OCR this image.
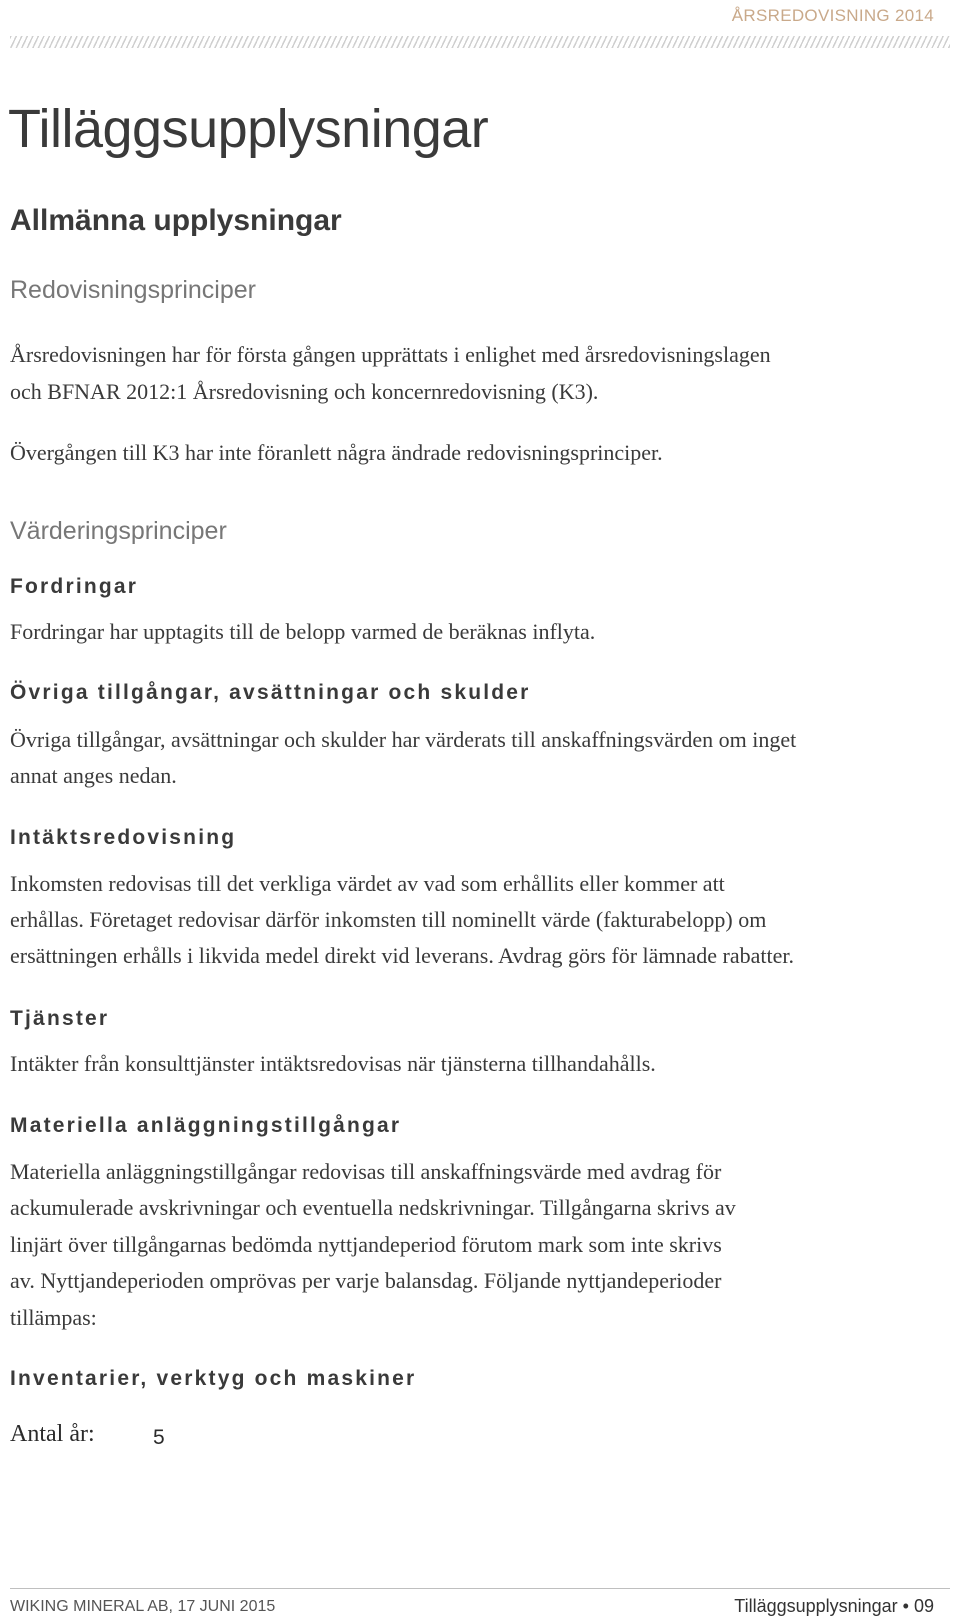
ÅRSREDOVISNING 2014
Tilläggsupplysningar
Allmänna upplysningar
Redovisningsprinciper
Årsredovisningen har för första gången upprättats i enlighet med årsredovisningslagen
och BFNAR 2012:1 Årsredovisning och koncernredovisning (K3).
Övergången till K3 har inte föranlett några ändrade redovisningsprinciper.
Värderingsprinciper
Fordringar
Fordringar har upptagits till de belopp varmed de beräknas inflyta.
Övriga tillgångar, avsättningar och skulder
Övriga tillgångar, avsättningar och skulder har värderats till anskaffningsvärden om inget
annat anges nedan.
Intäktsredovisning
Inkomsten redovisas till det verkliga värdet av vad som erhållits eller kommer att
erhållas. Företaget redovisar därför inkomsten till nominellt värde (fakturabelopp) om
ersättningen erhålls i likvida medel direkt vid leverans. Avdrag görs för lämnade rabatter.
Tjänster
Intäkter från konsulttjänster intäktsredovisas när tjänsterna tillhandahålls.
Materiella anläggningstillgångar
Materiella anläggningstillgångar redovisas till anskaffningsvärde med avdrag för
ackumulerade avskrivningar och eventuella nedskrivningar. Tillgångarna skrivs av
linjärt över tillgångarnas bedömda nyttjandeperiod förutom mark som inte skrivs
av. Nyttjandeperioden omprövas per varje balansdag. Följande nyttjandeperioder
tillämpas:
Inventarier, verktyg och maskiner
Antal år:	5
WIKING MINERAL AB, 17 JUNI 2015	Tilläggsupplysningar • 09
